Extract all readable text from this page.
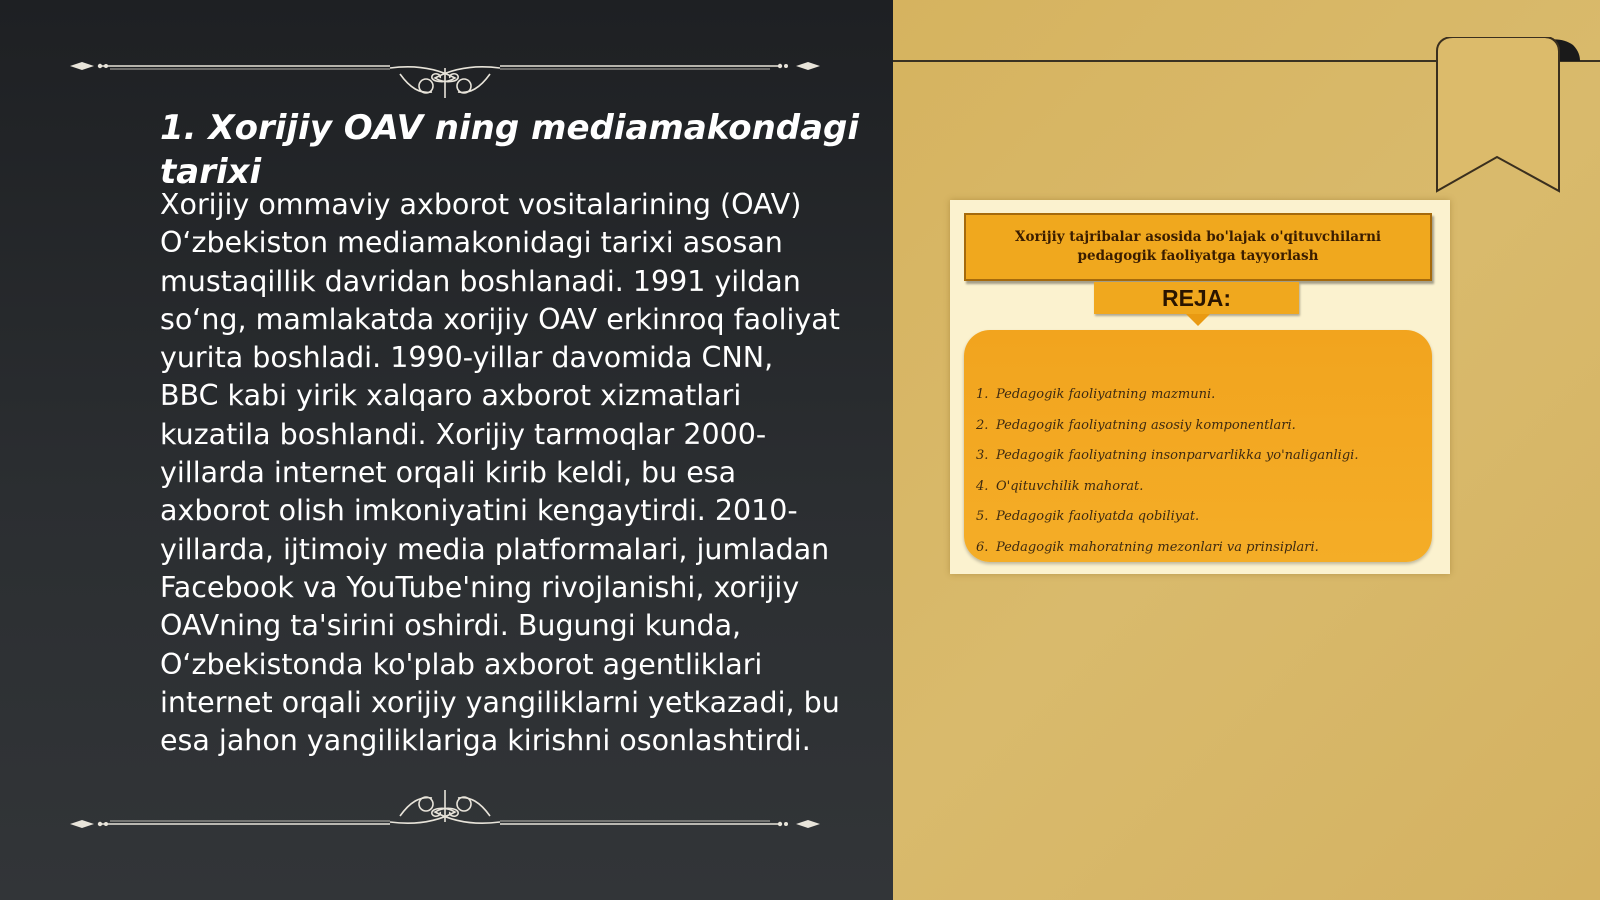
1. Xorijiy OAV ning mediamakondagi tarixi

Xorijiy ommaviy axborot vositalarining (OAV) O‘zbekiston mediamakonidagi tarixi asosan mustaqillik davridan boshlanadi. 1991 yildan so‘ng, mamlakatda xorijiy OAV erkinroq faoliyat yurita boshladi. 1990-yillar davomida CNN, BBC kabi yirik xalqaro axborot xizmatlari kuzatila boshlandi. Xorijiy tarmoqlar 2000-yillarda internet orqali kirib keldi, bu esa axborot olish imkoniyatini kengaytirdi. 2010-yillarda, ijtimoiy media platformalari, jumladan Facebook va YouTube'ning rivojlanishi, xorijiy OAVning ta'sirini oshirdi. Bugungi kunda, O‘zbekistonda ko'plab axborot agentliklari internet orqali xorijiy yangiliklarni yetkazadi, bu esa jahon yangiliklariga kirishni osonlashtirdi.

Xorijiy tajribalar asosida bo'lajak o'qituvchilarni pedagogik faoliyatga tayyorlash
REJA:
1. Pedagogik faoliyatning mazmuni.
2. Pedagogik faoliyatning asosiy komponentlari.
3. Pedagogik faoliyatning insonparvarlikka yo'naliganligi.
4. O'qituvchilik mahorat.
5. Pedagogik faoliyatda qobiliyat.
6. Pedagogik mahoratning mezonlari va prinsiplari.
